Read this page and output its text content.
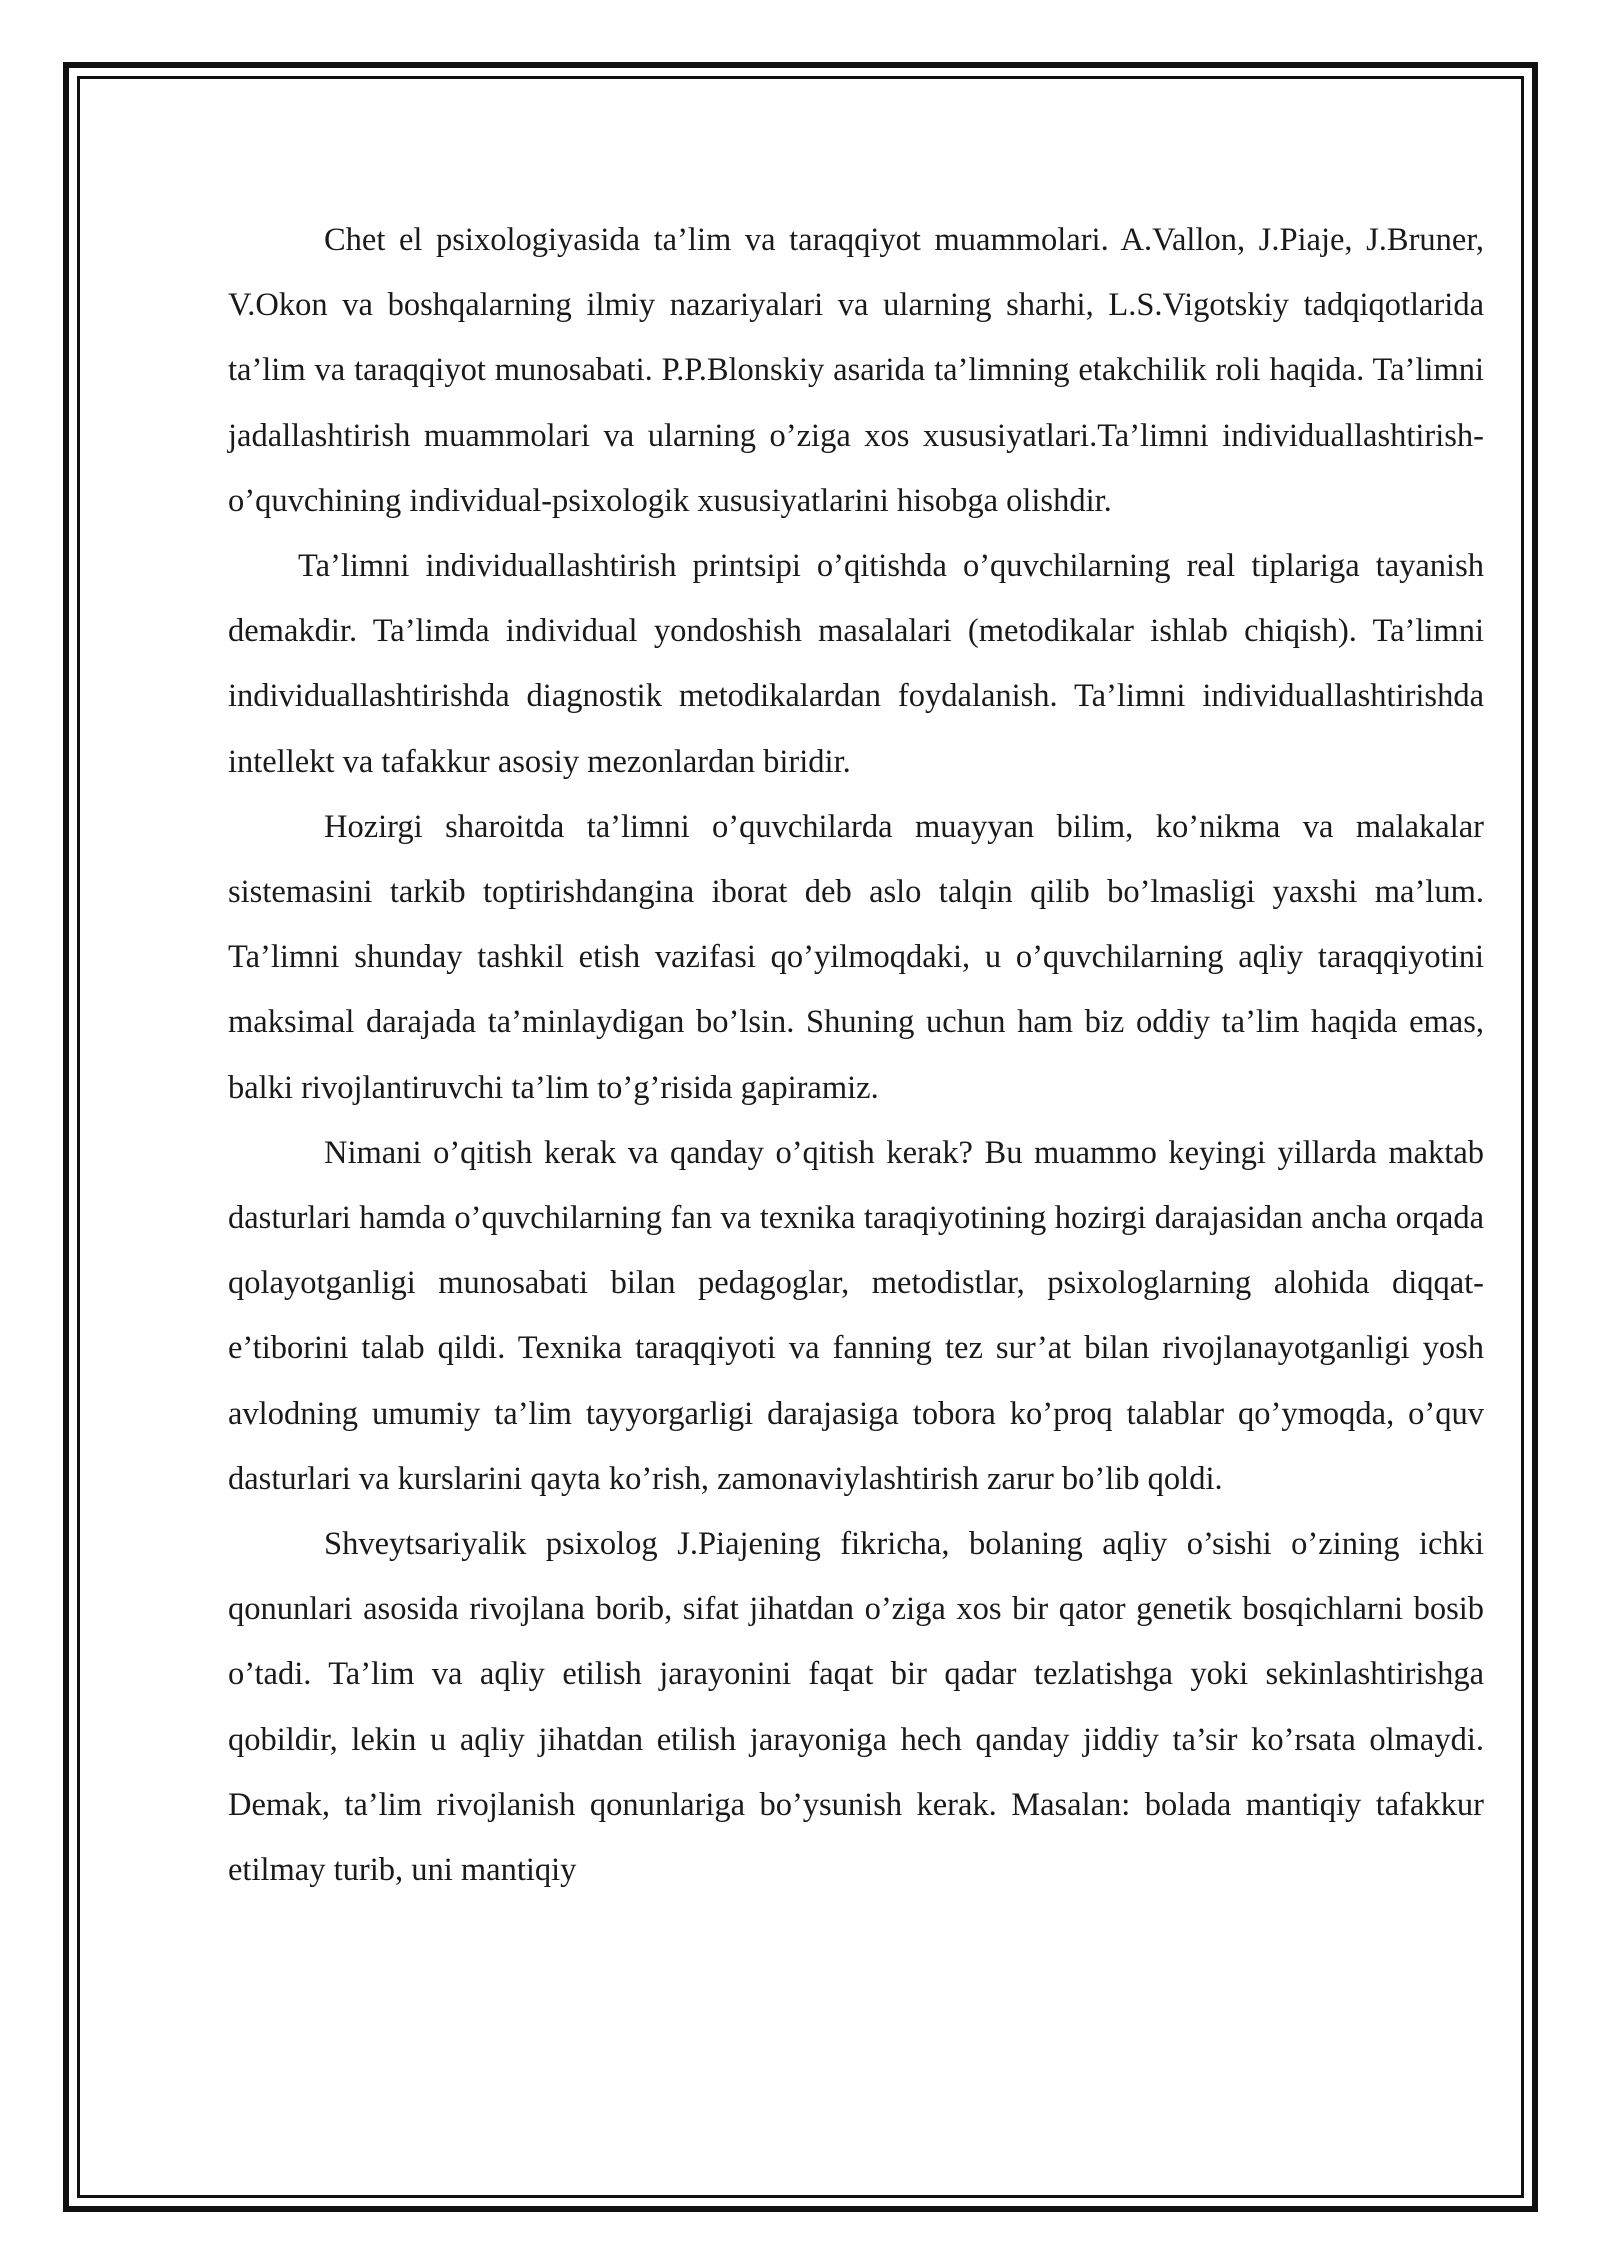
Chet el psixologiyasida ta’lim va taraqqiyot muammolari. A.Vallon, J.Piaje, J.Bruner, V.Okon va boshqalarning ilmiy nazariyalari va ularning sharhi, L.S.Vigotskiy tadqiqotlarida ta’lim va taraqqiyot munosabati. P.P.Blonskiy asarida ta’limning etakchilik roli haqida. Ta’limni jadallashtirish muammolari va ularning o’ziga xos xususiyatlari.Ta’limni individuallashtirish-o’quvchining individual-psixologik xususiyatlarini hisobga olishdir.

Ta’limni individuallashtirish printsipi o’qitishda o’quvchilarning real tiplariga tayanish demakdir. Ta’limda individual yondoshish masalalari (metodikalar ishlab chiqish). Ta’limni individuallashtirishda diagnostik metodikalardan foydalanish. Ta’limni individuallashtirishda intellekt va tafakkur asosiy mezonlardan biridir.

Hozirgi sharoitda ta’limni o’quvchilarda muayyan bilim, ko’nikma va malakalar sistemasini tarkib toptirishdangina iborat deb aslo talqin qilib bo’lmasligi yaxshi ma’lum. Ta’limni shunday tashkil etish vazifasi qo’yilmoqdaki, u o’quvchilarning aqliy taraqqiyotini maksimal darajada ta’minlaydigan bo’lsin. Shuning uchun ham biz oddiy ta’lim haqida emas, balki rivojlantiruvchi ta’lim to’g’risida gapiramiz.

Nimani o’qitish kerak va qanday o’qitish kerak? Bu muammo keyingi yillarda maktab dasturlari hamda o’quvchilarning fan va texnika taraqiyotining hozirgi darajasidan ancha orqada qolayotganligi munosabati bilan pedagoglar, metodistlar, psixologlarning alohida diqqat-e’tiborini talab qildi. Texnika taraqqiyoti va fanning tez sur’at bilan rivojlanayotganligi yosh avlodning umumiy ta’lim tayyorgarligi darajasiga tobora ko’proq talablar qo’ymoqda, o’quv dasturlari va kurslarini qayta ko’rish, zamonaviylashtirish zarur bo’lib qoldi.

Shveytsariyalik psixolog J.Piajening fikricha, bolaning aqliy o’sishi o’zining ichki qonunlari asosida rivojlana borib, sifat jihatdan o’ziga xos bir qator genetik bosqichlarni bosib o’tadi. Ta’lim va aqliy etilish jarayonini faqat bir qadar tezlatishga yoki sekinlashtirishga qobildir, lekin u aqliy jihatdan etilish jarayoniga hech qanday jiddiy ta’sir ko’rsata olmaydi. Demak, ta’lim rivojlanish qonunlariga bo’ysunish kerak. Masalan: bolada mantiqiy tafakkur etilmay turib, uni mantiqiy
